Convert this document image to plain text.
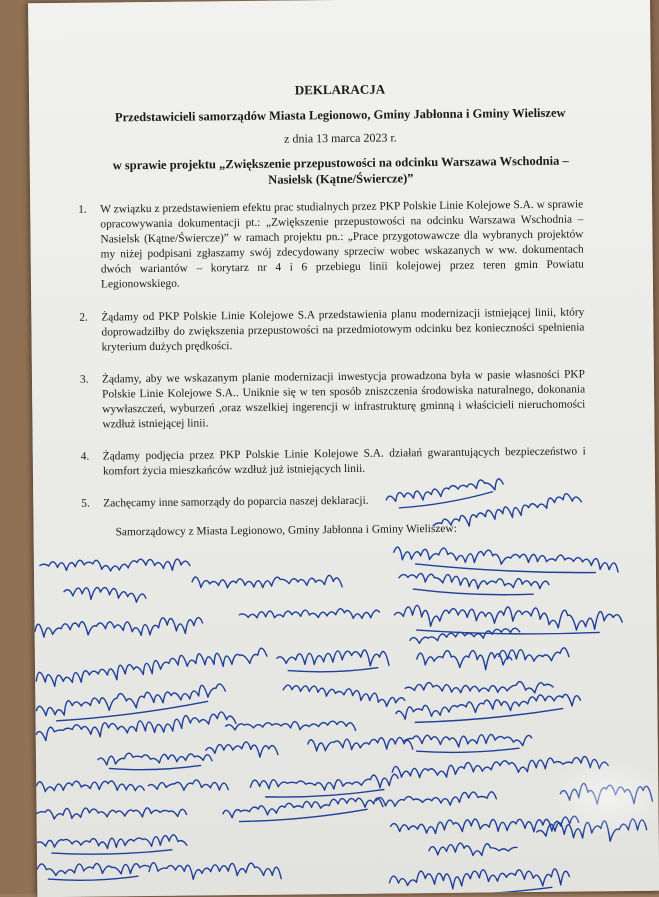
DEKLARACJA
Przedstawicieli samorządów Miasta Legionowo, Gminy Jabłonna i Gminy Wieliszew
z dnia 13 marca 2023 r.
w sprawie projektu „Zwiększenie przepustowości na odcinku Warszawa Wschodnia –
Nasielsk (Kątne/Świercze)”
1. W związku z przedstawieniem efektu prac studialnych przez PKP Polskie Linie Kolejowe S.A. w sprawie opracowywania dokumentacji pt.: „Zwiększenie przepustowości na odcinku Warszawa Wschodnia – Nasielsk (Kątne/Świercze)” w ramach projektu pn.: „Prace przygotowawcze dla wybranych projektów my niżej podpisani zgłaszamy swój zdecydowany sprzeciw wobec wskazanych w ww. dokumentach dwóch wariantów – korytarz nr 4 i 6 przebiegu linii kolejowej przez teren gmin Powiatu Legionowskiego.
2. Żądamy od PKP Polskie Linie Kolejowe S.A przedstawienia planu modernizacji istniejącej linii, który doprowadziłby do zwiększenia przepustowości na przedmiotowym odcinku bez konieczności spełnienia kryterium dużych prędkości.
3. Żądamy, aby we wskazanym planie modernizacji inwestycja prowadzona była w pasie własności PKP Polskie Linie Kolejowe S.A.. Uniknie się w ten sposób zniszczenia środowiska naturalnego, dokonania wywłaszczeń, wyburzeń ,oraz wszelkiej ingerencji w infrastrukturę gminną i właścicieli nieruchomości wzdłuż istniejącej linii.
4. Żądamy podjęcia przez PKP Polskie Linie Kolejowe S.A. działań gwarantujących bezpieczeństwo i komfort życia mieszkańców wzdłuż już istniejących linii.
5. Zachęcamy inne samorządy do poparcia naszej deklaracji.
Samorządowcy z Miasta Legionowo, Gminy Jabłonna i Gminy Wieliszew:
